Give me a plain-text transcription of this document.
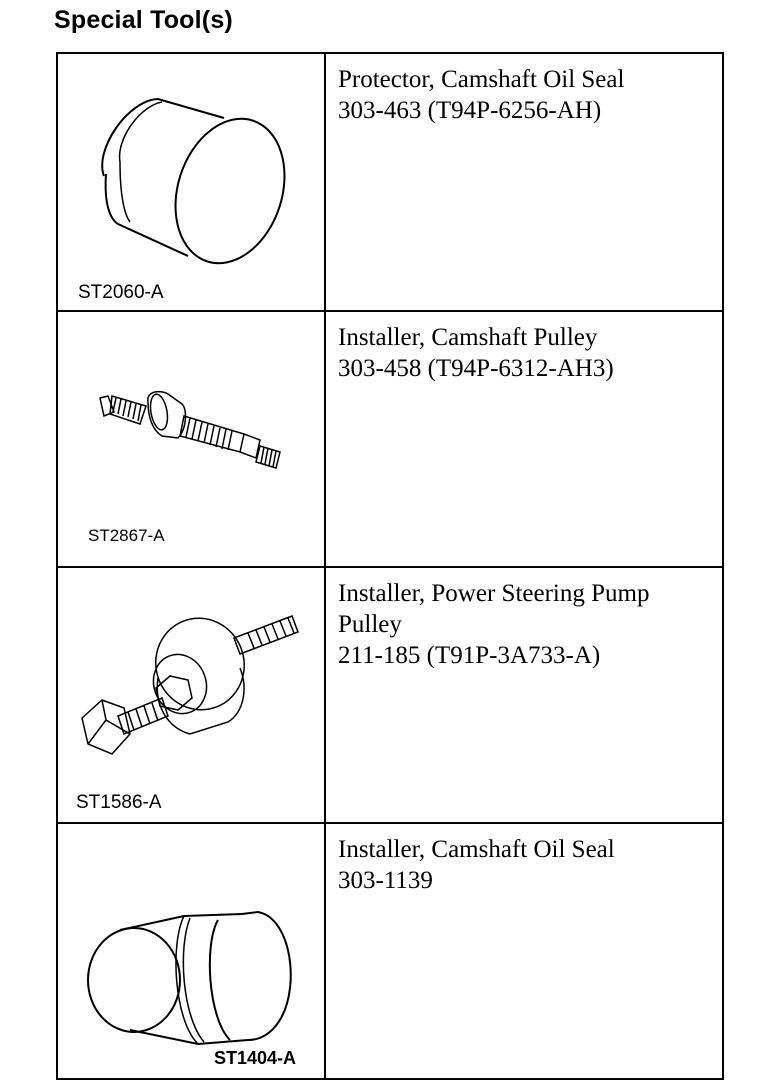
Special Tool(s)
ST2060-A
Protector, Camshaft Oil Seal
303-463 (T94P-6256-AH)
ST2867-A
Installer, Camshaft Pulley
303-458 (T94P-6312-AH3)
ST1586-A
Installer, Power Steering Pump Pulley
211-185 (T91P-3A733-A)
ST1404-A
Installer, Camshaft Oil Seal
303-1139
